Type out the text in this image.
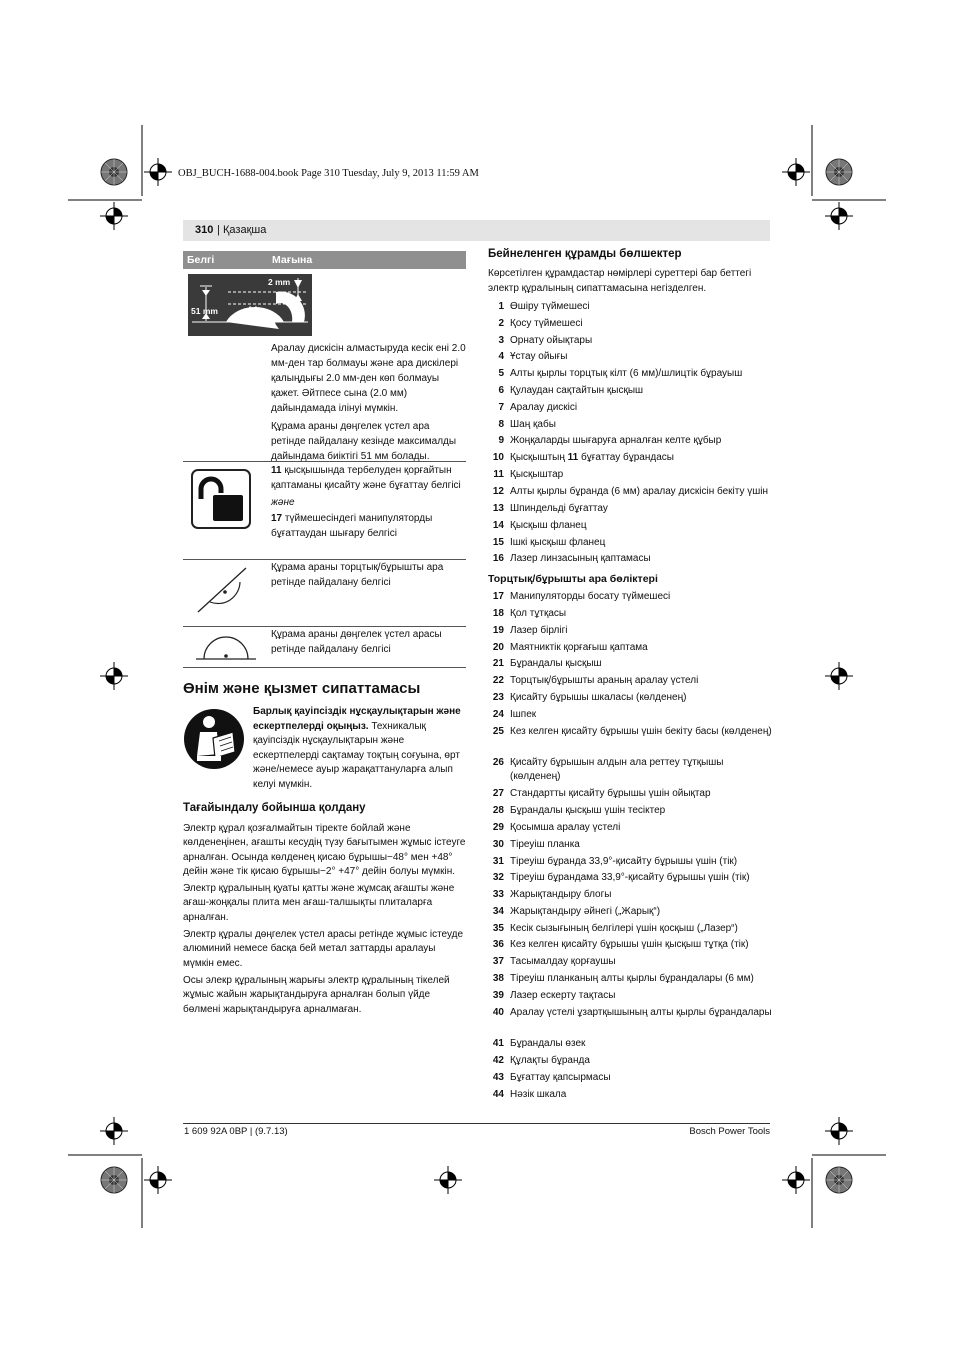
OBJ_BUCH-1688-004.book Page 310 Tuesday, July 9, 2013 11:59 AM
310 | Қазақша
Белгі	Мағына
2 mm
51 mm
Аралау дискісін алмастыруда кесік ені 2.0 мм-ден тар болмауы және ара дискілері қалыңдығы 2.0 мм-ден көп болмауы қажет. Әйтпесе сына (2.0 мм) дайындамада ілінуі мүмкін.
Құрама араны дөңгелек үстел ара ретінде пайдалану кезінде максималды дайындама биіктігі 51 мм болады.
11 қысқышында тербелуден қорғайтын қаптаманы қисайту және бұғаттау белгісі
және
17 түймешесіндегі манипуляторды бұғаттаудан шығару белгісі
Құрама араны торцтық/бұрышты ара ретінде пайдалану белгісі
Құрама араны дөңгелек үстел арасы ретінде пайдалану белгісі
Өнім және қызмет сипаттамасы
Барлық қауіпсіздік нұсқаулықтарын және ескертпелерді оқыңыз. Техникалық қауіпсіздік нұсқаулықтарын және ескертпелерді сақтамау тоқтың соғуына, өрт және/немесе ауыр жарақаттануларға алып келуі мүмкін.
Тағайындалу бойынша қолдану

Электр құрал қозғалмайтын тіректе бойлай және көлденеңінен, ағашты кесудің түзу бағытымен жұмыс істеуге арналған. Осында көлденең қисаю бұрышы−48° мен +48° дейін және тік қисаю бұрышы−2° +47° дейін болуы мүмкін.

Электр құралының қуаты қатты және жұмсақ ағашты және ағаш-жоңқалы плита мен ағаш-талшықты плиталарға арналған.

Электр құралы дөңгелек үстел арасы ретінде жұмыс істеуде алюминий немесе басқа бей метал заттарды аралауы мүмкін емес.

Осы элекр құралының жарығы электр құралының тікелей жұмыс жайын жарықтандыруға арналған болып үйде бөлмені жарықтандыруға арналмаған.

Бейнеленген құрамды бөлшектер
Көрсетілген құрамдастар нөмірлері суреттері бар беттегі электр құралының сипаттамасына негізделген.
1 Өшіру түймешесі
2 Қосу түймешесі
3 Орнату ойықтары
4 Ұстау ойығы
5 Алты қырлы торцтық кілт (6 мм)/шлицтік бұрауыш
6 Қулаудан сақтайтын қысқыш
7 Аралау дискісі
8 Шаң қабы
9 Жоңқаларды шығаруға арналған келте құбыр
10 Қысқыштың 11 бұғаттау бұрандасы
11 Қысқыштар
12 Алты қырлы бұранда (6 мм) аралау дискісін бекіту үшін
13 Шпиндельді бұғаттау
14 Қысқыш фланец
15 Ішкі қысқыш фланец
16 Лазер линзасының қаптамасы
Торцтық/бұрышты ара бөліктері
17 Манипуляторды босату түймешесі
18 Қол тұтқасы
19 Лазер бірлігі
20 Маятниктік қорғағыш қаптама
21 Бұрандалы қысқыш
22 Торцтық/бұрышты араның аралау үстелі
23 Қисайту бұрышы шкаласы (көлденең)
24 Ішпек
25 Кез келген қисайту бұрышы үшін бекіту басы (көлденең)
26 Қисайту бұрышын алдын ала реттеу тұтқышы (көлденең)
27 Стандартты қисайту бұрышы үшін ойықтар
28 Бұрандалы қысқыш үшін тесіктер
29 Қосымша аралау үстелі
30 Тіреуіш планка
31 Тіреуіш бұранда 33,9°-қисайту бұрышы үшін (тік)
32 Тіреуіш бұрандама 33,9°-қисайту бұрышы үшін (тік)
33 Жарықтандыру блогы
34 Жарықтандыру әйнегі („Жарық“)
35 Кесік сызығының белгілері үшін қосқыш („Лазер“)
36 Кез келген қисайту бұрышы үшін қысқыш тұтқа (тік)
37 Тасымалдау қорғаушы
38 Тіреуіш планканың алты қырлы бұрандалары (6 мм)
39 Лазер ескерту тақтасы
40 Аралау үстелі ұзартқышының алты қырлы бұрандалары
41 Бұрандалы өзек
42 Құлақты бұранда
43 Бұғаттау қапсырмасы
44 Нәзік шкала
1 609 92A 0BP | (9.7.13)	Bosch Power Tools
